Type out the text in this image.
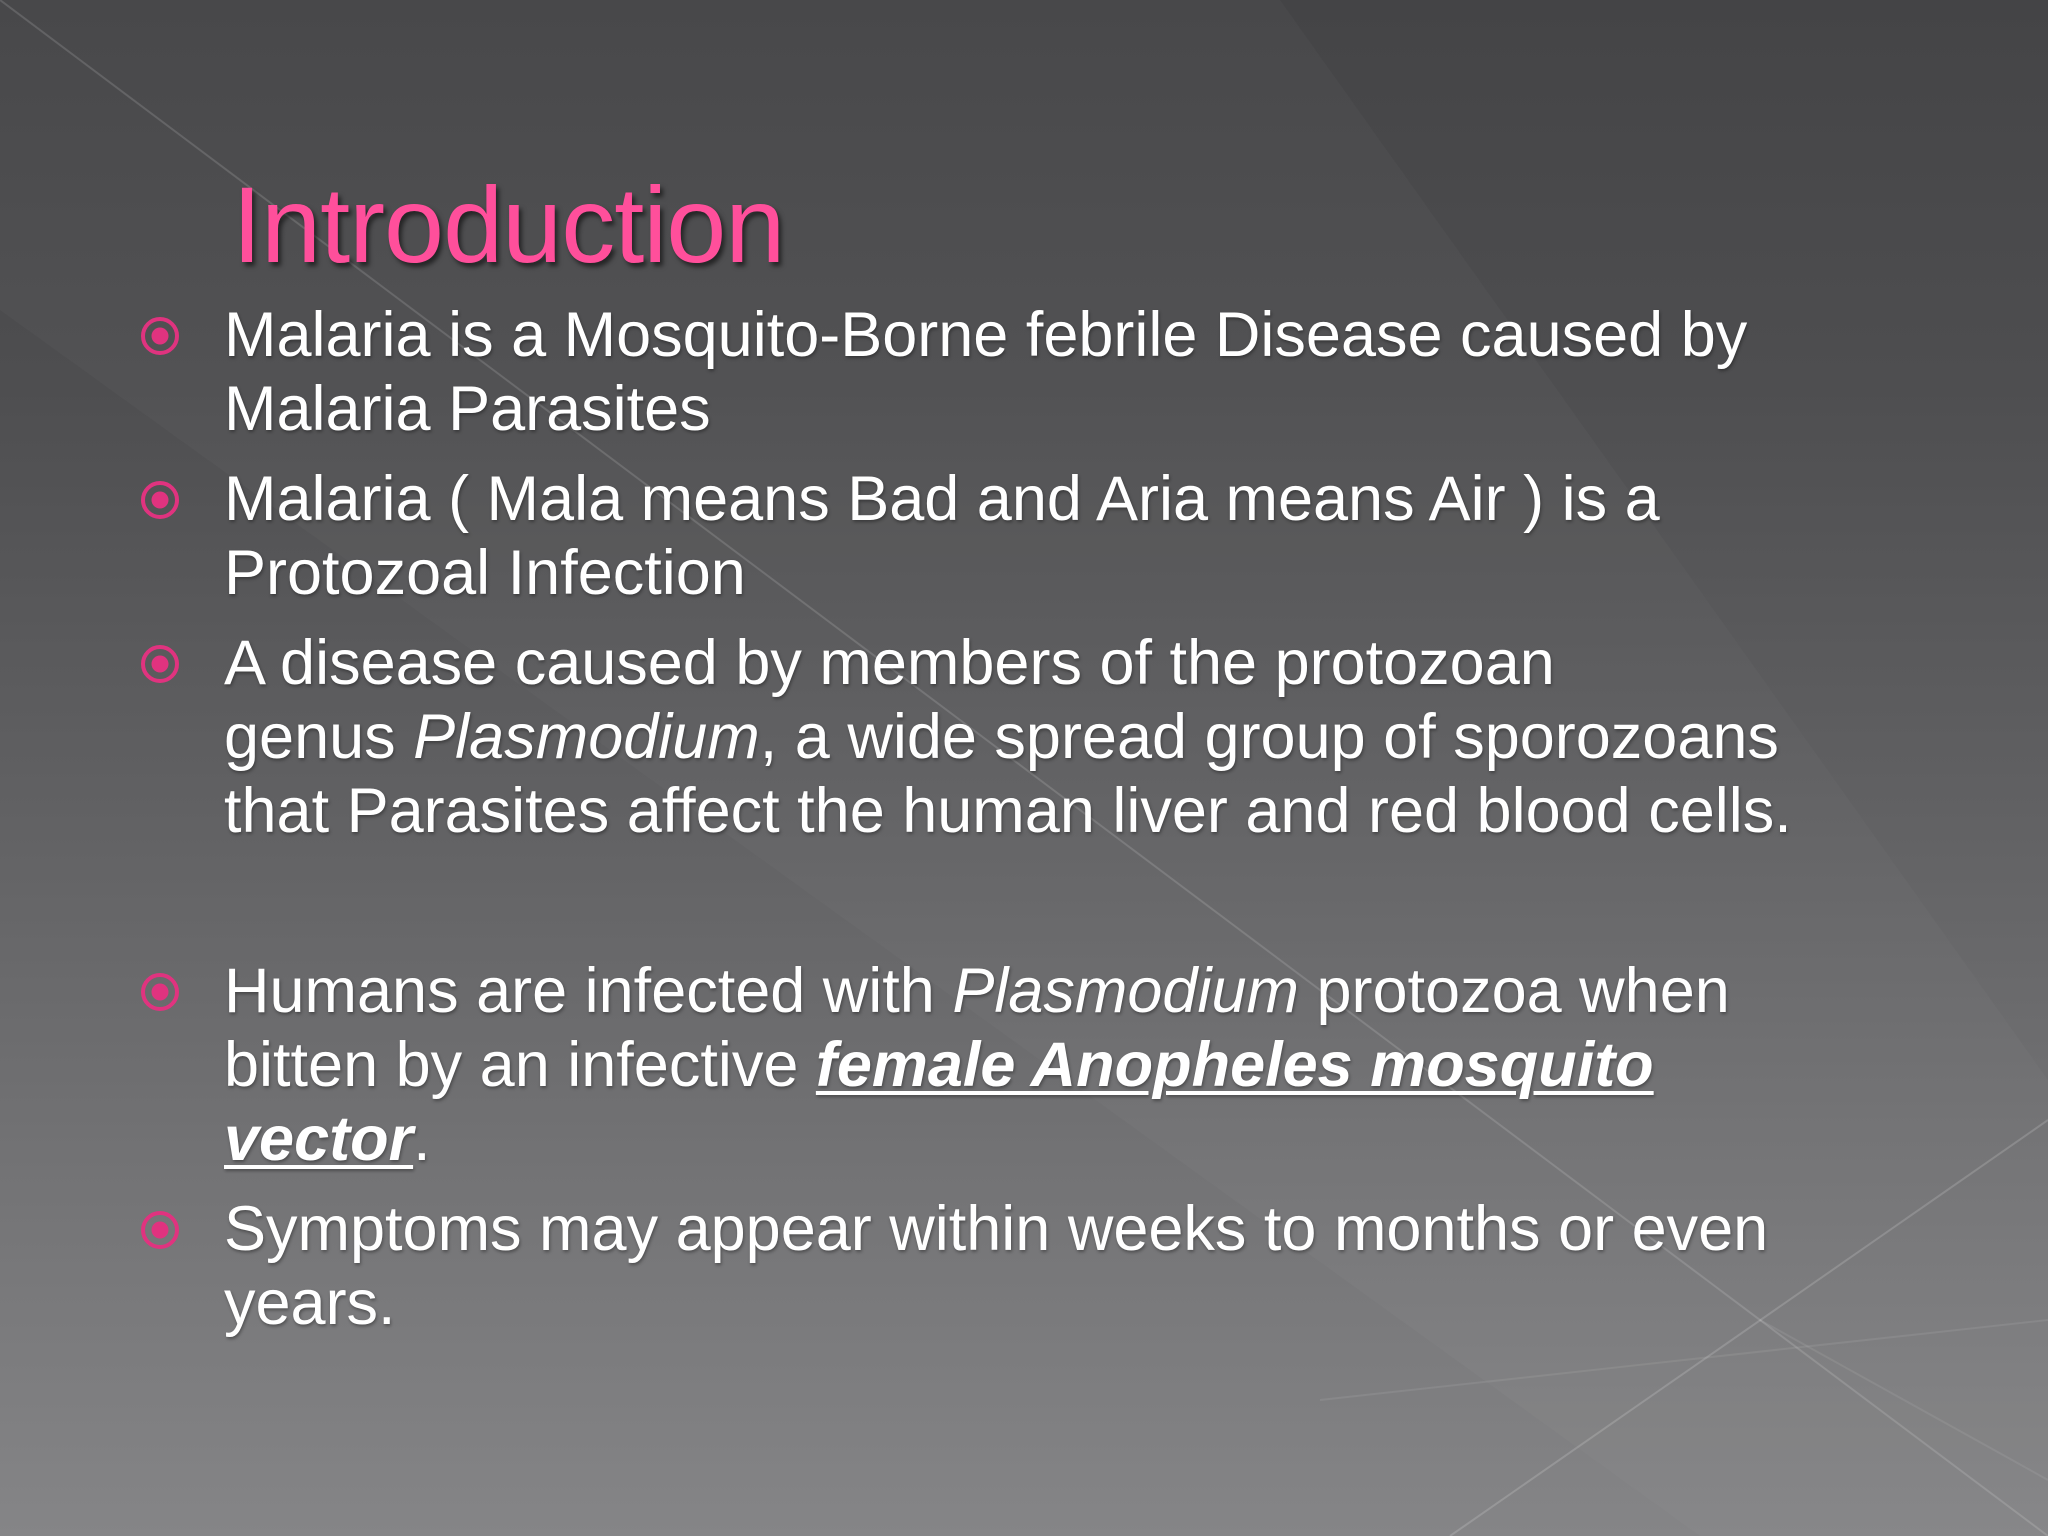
Introduction
Malaria is a Mosquito-Borne febrile Disease caused by
Malaria Parasites
Malaria ( Mala means Bad and Aria means Air ) is a
Protozoal Infection
A disease caused by members of the protozoan
genus Plasmodium, a wide spread group of sporozoans
that Parasites affect the human liver and red blood cells.
Humans are infected with Plasmodium protozoa when
bitten by an infective female Anopheles mosquito
vector.
Symptoms may appear within weeks to months or even
years.
